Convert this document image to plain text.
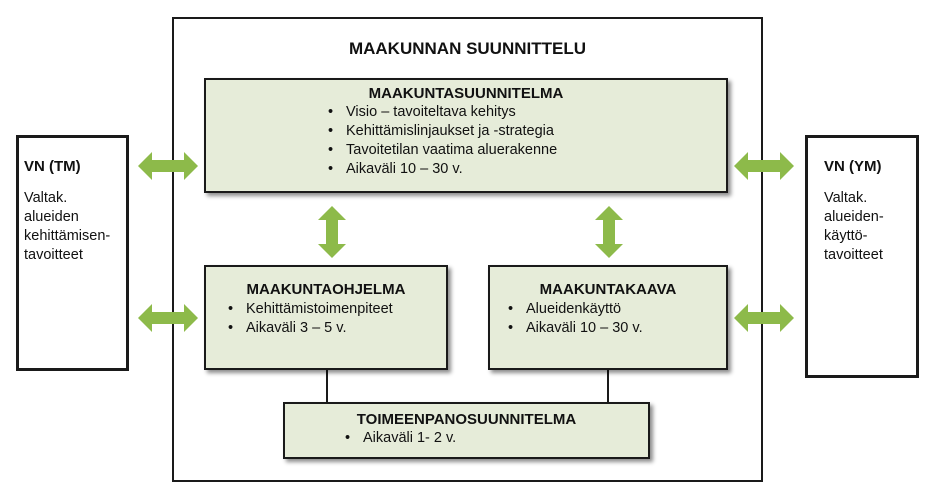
MAAKUNNAN SUUNNITTELU
MAAKUNTASUUNNITELMA
• Visio – tavoiteltava kehitys
• Kehittämislinjaukset ja -strategia
• Tavoitetilan vaatima aluerakenne
• Aikaväli 10 – 30 v.
MAAKUNTAOHJELMA
• Kehittämistoimenpiteet
• Aikaväli 3 – 5 v.
MAAKUNTAKAAVA
• Alueidenkäyttö
• Aikaväli 10 – 30 v.
TOIMEENPANOSUUNNITELMA
• Aikaväli 1- 2 v.
VN (TM)
Valtak.
alueiden
kehittämisen-
tavoitteet
VN (YM)
Valtak.
alueiden-
käyttö-
tavoitteet
